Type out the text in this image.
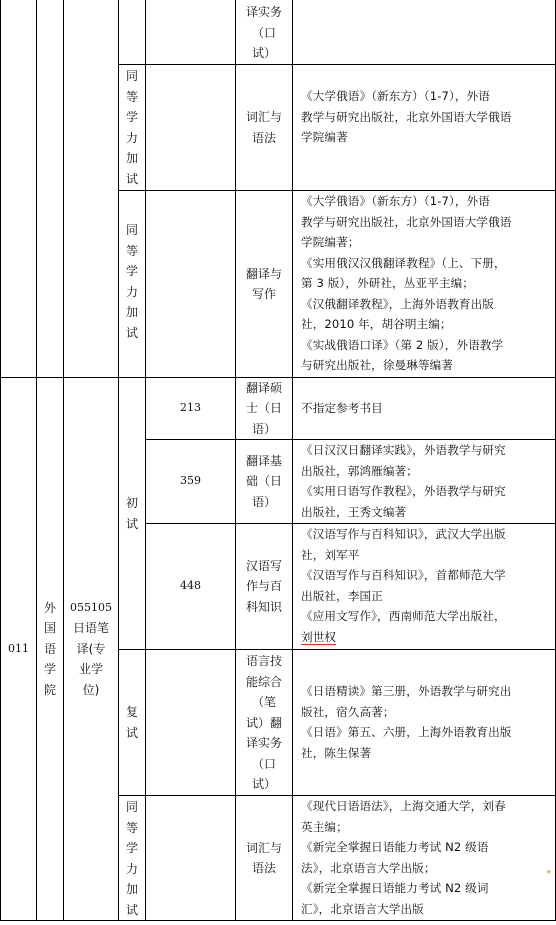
译实务
（口
试）
同
等
学
力
加
试
词汇与
语法
《大学俄语》（新东方）（1-7），外语
教学与研究出版社，北京外国语大学俄语
学院编著
同
等
学
力
加
试
翻译与
写作
《大学俄语》（新东方）（1-7），外语
教学与研究出版社，北京外国语大学俄语
学院编著；
《实用俄汉汉俄翻译教程》（上、下册，
第 3 版），外研社，丛亚平主编；
《汉俄翻译教程》，上海外语教育出版
社，2010 年，胡谷明主编；
《实战俄语口译》（第 2 版），外语教学
与研究出版社，徐曼琳等编著
011
外
国
语
学
院
055105
日语笔
译(专
业学
位)
初
试
复
试
同
等
学
力
加
试
213
翻译硕
士（日
语）
不指定参考书目
359
翻译基
础（日
语）
《日汉汉日翻译实践》，外语教学与研究
出版社，郭鸿雁编著；
《实用日语写作教程》，外语教学与研究
出版社，王秀文编著
448
汉语写
作与百
科知识
《汉语写作与百科知识》，武汉大学出版
社，刘军平
《汉语写作与百科知识》，首都师范大学
出版社，李国正
《应用文写作》，西南师范大学出版社，
刘世权
语言技
能综合
（笔
试）翻
译实务
（口
试）
《日语精读》第三册，外语教学与研究出
版社，宿久高著；
《日语》第五、六册，上海外语教育出版
社，陈生保著
词汇与
语法
《现代日语语法》，上海交通大学，刘春
英主编；
《新完全掌握日语能力考试 N2 级语
法》，北京语言大学出版；
《新完全掌握日语能力考试 N2 级词
汇》，北京语言大学出版
✦
